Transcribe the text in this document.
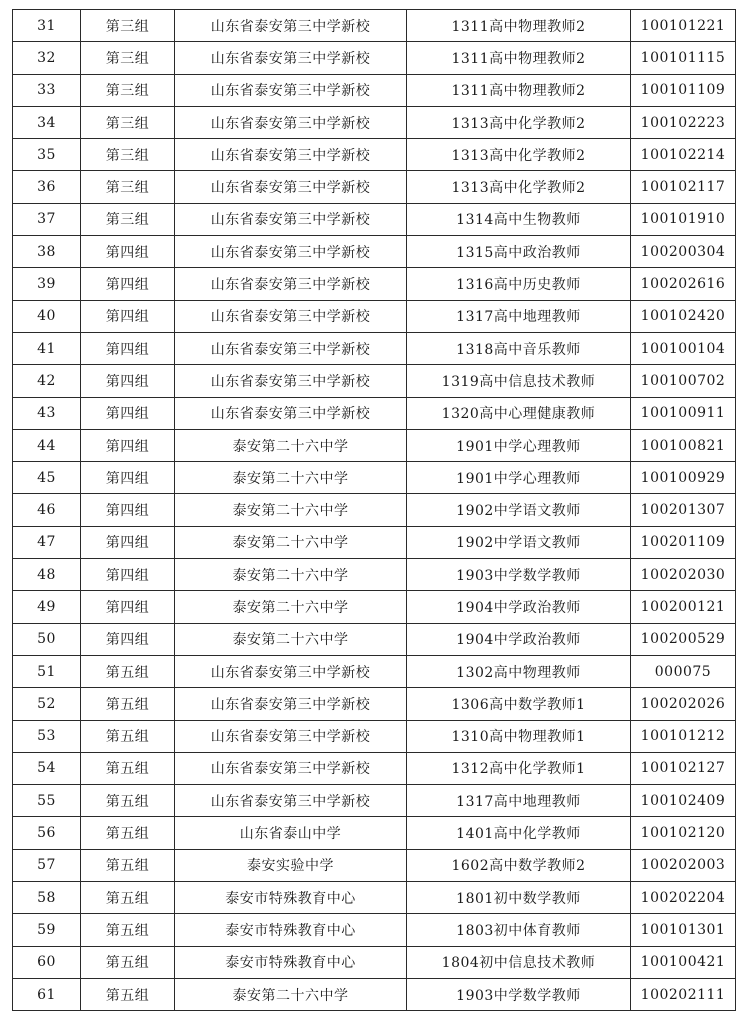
31	第三组	山东省泰安第三中学新校	1311高中物理教师2	100101221
32	第三组	山东省泰安第三中学新校	1311高中物理教师2	100101115
33	第三组	山东省泰安第三中学新校	1311高中物理教师2	100101109
34	第三组	山东省泰安第三中学新校	1313高中化学教师2	100102223
35	第三组	山东省泰安第三中学新校	1313高中化学教师2	100102214
36	第三组	山东省泰安第三中学新校	1313高中化学教师2	100102117
37	第三组	山东省泰安第三中学新校	1314高中生物教师	100101910
38	第四组	山东省泰安第三中学新校	1315高中政治教师	100200304
39	第四组	山东省泰安第三中学新校	1316高中历史教师	100202616
40	第四组	山东省泰安第三中学新校	1317高中地理教师	100102420
41	第四组	山东省泰安第三中学新校	1318高中音乐教师	100100104
42	第四组	山东省泰安第三中学新校	1319高中信息技术教师	100100702
43	第四组	山东省泰安第三中学新校	1320高中心理健康教师	100100911
44	第四组	泰安第二十六中学	1901中学心理教师	100100821
45	第四组	泰安第二十六中学	1901中学心理教师	100100929
46	第四组	泰安第二十六中学	1902中学语文教师	100201307
47	第四组	泰安第二十六中学	1902中学语文教师	100201109
48	第四组	泰安第二十六中学	1903中学数学教师	100202030
49	第四组	泰安第二十六中学	1904中学政治教师	100200121
50	第四组	泰安第二十六中学	1904中学政治教师	100200529
51	第五组	山东省泰安第三中学新校	1302高中物理教师	000075
52	第五组	山东省泰安第三中学新校	1306高中数学教师1	100202026
53	第五组	山东省泰安第三中学新校	1310高中物理教师1	100101212
54	第五组	山东省泰安第三中学新校	1312高中化学教师1	100102127
55	第五组	山东省泰安第三中学新校	1317高中地理教师	100102409
56	第五组	山东省泰山中学	1401高中化学教师	100102120
57	第五组	泰安实验中学	1602高中数学教师2	100202003
58	第五组	泰安市特殊教育中心	1801初中数学教师	100202204
59	第五组	泰安市特殊教育中心	1803初中体育教师	100101301
60	第五组	泰安市特殊教育中心	1804初中信息技术教师	100100421
61	第五组	泰安第二十六中学	1903中学数学教师	100202111
